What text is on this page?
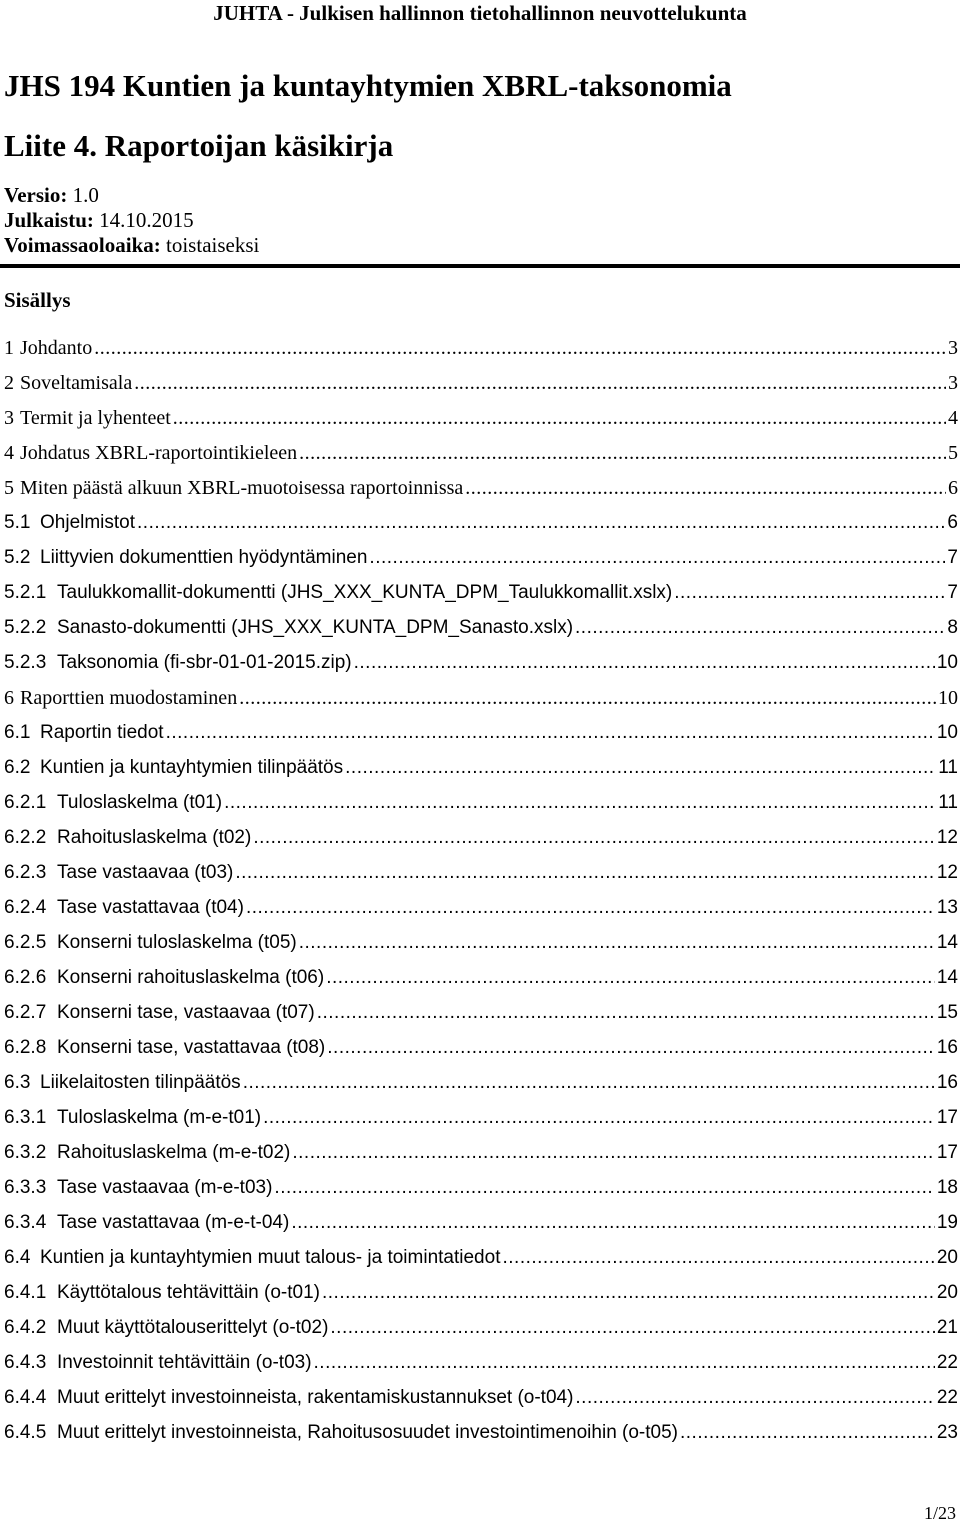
JUHTA - Julkisen hallinnon tietohallinnon neuvottelukunta
JHS 194 Kuntien ja kuntayhtymien XBRL-taksonomia
Liite 4. Raportoijan käsikirja
Versio: 1.0
Julkaistu: 14.10.2015
Voimassaoloaika: toistaiseksi
Sisällys
1 Johdanto .....	3
2 Soveltamisala .....	3
3 Termit ja lyhenteet .....	4
4 Johdatus XBRL-raportointikieleen .....	5
5 Miten päästä alkuun XBRL-muotoisessa raportoinnissa .....	6
5.1 Ohjelmistot .....	6
5.2 Liittyvien dokumenttien hyödyntäminen .....	7
5.2.1 Taulukkomallit-dokumentti (JHS_XXX_KUNTA_DPM_Taulukkomallit.xslx) .....	7
5.2.2 Sanasto-dokumentti (JHS_XXX_KUNTA_DPM_Sanasto.xslx) .....	8
5.2.3 Taksonomia (fi-sbr-01-01-2015.zip) .....	10
6 Raporttien muodostaminen .....	10
6.1 Raportin tiedot .....	10
6.2 Kuntien ja kuntayhtymien tilinpäätös .....	11
6.2.1 Tuloslaskelma (t01) .....	11
6.2.2 Rahoituslaskelma (t02) .....	12
6.2.3 Tase vastaavaa (t03) .....	12
6.2.4 Tase vastattavaa (t04) .....	13
6.2.5 Konserni tuloslaskelma (t05) .....	14
6.2.6 Konserni rahoituslaskelma (t06) .....	14
6.2.7 Konserni tase, vastaavaa (t07) .....	15
6.2.8 Konserni tase, vastattavaa (t08) .....	16
6.3 Liikelaitosten tilinpäätös .....	16
6.3.1 Tuloslaskelma (m-e-t01) .....	17
6.3.2 Rahoituslaskelma (m-e-t02) .....	17
6.3.3 Tase vastaavaa (m-e-t03) .....	18
6.3.4 Tase vastattavaa (m-e-t-04) .....	19
6.4 Kuntien ja kuntayhtymien muut talous- ja toimintatiedot .....	20
6.4.1 Käyttötalous tehtävittäin (o-t01) .....	20
6.4.2 Muut käyttötalouserittelyt (o-t02) .....	21
6.4.3 Investoinnit tehtävittäin (o-t03) .....	22
6.4.4 Muut erittelyt investoinneista, rakentamiskustannukset (o-t04) .....	22
6.4.5 Muut erittelyt investoinneista, Rahoitusosuudet investointimenoihin (o-t05) .....	23
1/23
